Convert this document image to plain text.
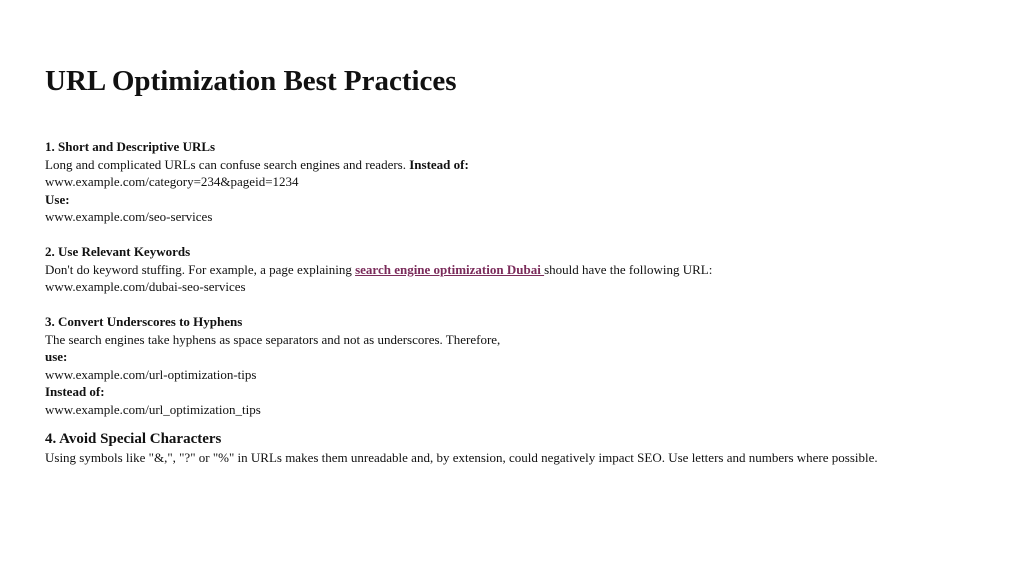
URL Optimization Best Practices
1. Short and Descriptive URLs
Long and complicated URLs can confuse search engines and readers. Instead of:
www.example.com/category=234&pageid=1234
Use:
www.example.com/seo-services
2. Use Relevant Keywords
Don't do keyword stuffing. For example, a page explaining search engine optimization Dubai should have the following URL:
www.example.com/dubai-seo-services
3. Convert Underscores to Hyphens
The search engines take hyphens as space separators and not as underscores. Therefore,
use:
www.example.com/url-optimization-tips
Instead of:
www.example.com/url_optimization_tips
4. Avoid Special Characters
Using symbols like "&,", "?" or "%" in URLs makes them unreadable and, by extension, could negatively impact SEO. Use letters and numbers where possible.
